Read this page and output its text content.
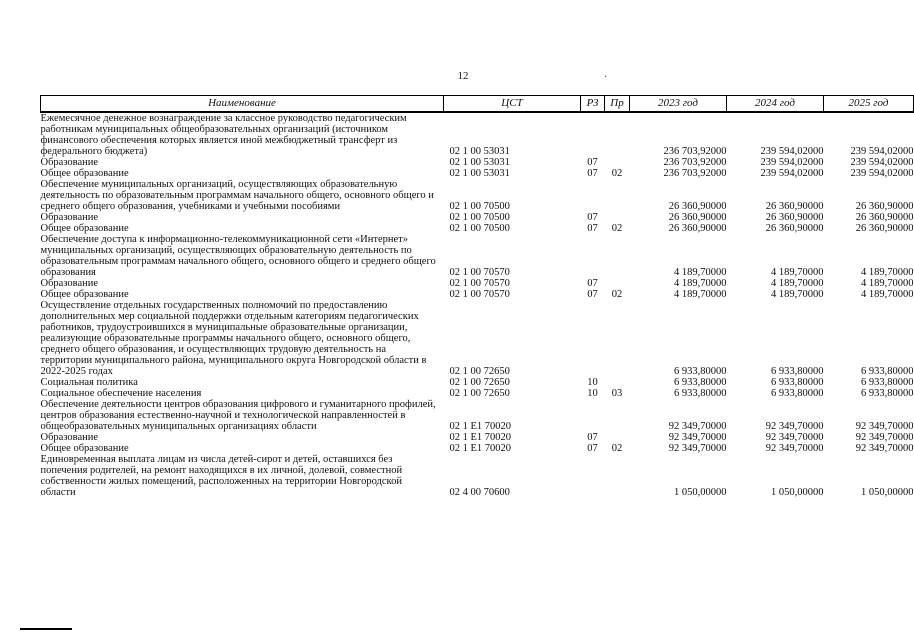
12	·
Наименование	ЦСТ	РЗ	Пр	2023 год	2024 год	2025 год
Ежемесячное денежное вознаграждение за классное руководство педагогическим работникам муниципальных общеобразовательных организаций (источником финансового обеспечения которых является иной межбюджетный трансферт из федерального бюджета)	02 1 00 53031			236 703,92000	239 594,02000	239 594,02000
Образование	02 1 00 53031	07		236 703,92000	239 594,02000	239 594,02000
Общее образование	02 1 00 53031	07	02	236 703,92000	239 594,02000	239 594,02000
Обеспечение муниципальных организаций, осуществляющих образовательную деятельность по образовательным программам начального общего, основного общего и среднего общего образования, учебниками и учебными пособиями	02 1 00 70500			26 360,90000	26 360,90000	26 360,90000
Образование	02 1 00 70500	07		26 360,90000	26 360,90000	26 360,90000
Общее образование	02 1 00 70500	07	02	26 360,90000	26 360,90000	26 360,90000
Обеспечение доступа к информационно-телекоммуникационной сети «Интернет» муниципальных организаций, осуществляющих образовательную деятельность по образовательным программам начального общего, основного общего и среднего общего образования	02 1 00 70570			4 189,70000	4 189,70000	4 189,70000
Образование	02 1 00 70570	07		4 189,70000	4 189,70000	4 189,70000
Общее образование	02 1 00 70570	07	02	4 189,70000	4 189,70000	4 189,70000
Осуществление отдельных государственных полномочий по предоставлению дополнительных мер социальной поддержки отдельным категориям педагогических работников, трудоустроившихся в муниципальные образовательные организации, реализующие образовательные программы начального общего, основного общего, среднего общего образования, и осуществляющих трудовую деятельность на территории муниципального района, муниципального округа Новгородской области в 2022-2025 годах	02 1 00 72650			6 933,80000	6 933,80000	6 933,80000
Социальная политика	02 1 00 72650	10		6 933,80000	6 933,80000	6 933,80000
Социальное обеспечение населения	02 1 00 72650	10	03	6 933,80000	6 933,80000	6 933,80000
Обеспечение деятельности центров образования цифрового и гуманитарного профилей, центров образования естественно-научной и технологической направленностей в общеобразовательных муниципальных организациях области	02 1 E1 70020			92 349,70000	92 349,70000	92 349,70000
Образование	02 1 E1 70020	07		92 349,70000	92 349,70000	92 349,70000
Общее образование	02 1 E1 70020	07	02	92 349,70000	92 349,70000	92 349,70000
Единовременная выплата лицам из числа детей-сирот и детей, оставшихся без попечения родителей, на ремонт находящихся в их личной, долевой, совместной собственности жилых помещений, расположенных на территории Новгородской области	02 4 00 70600			1 050,00000	1 050,00000	1 050,00000
